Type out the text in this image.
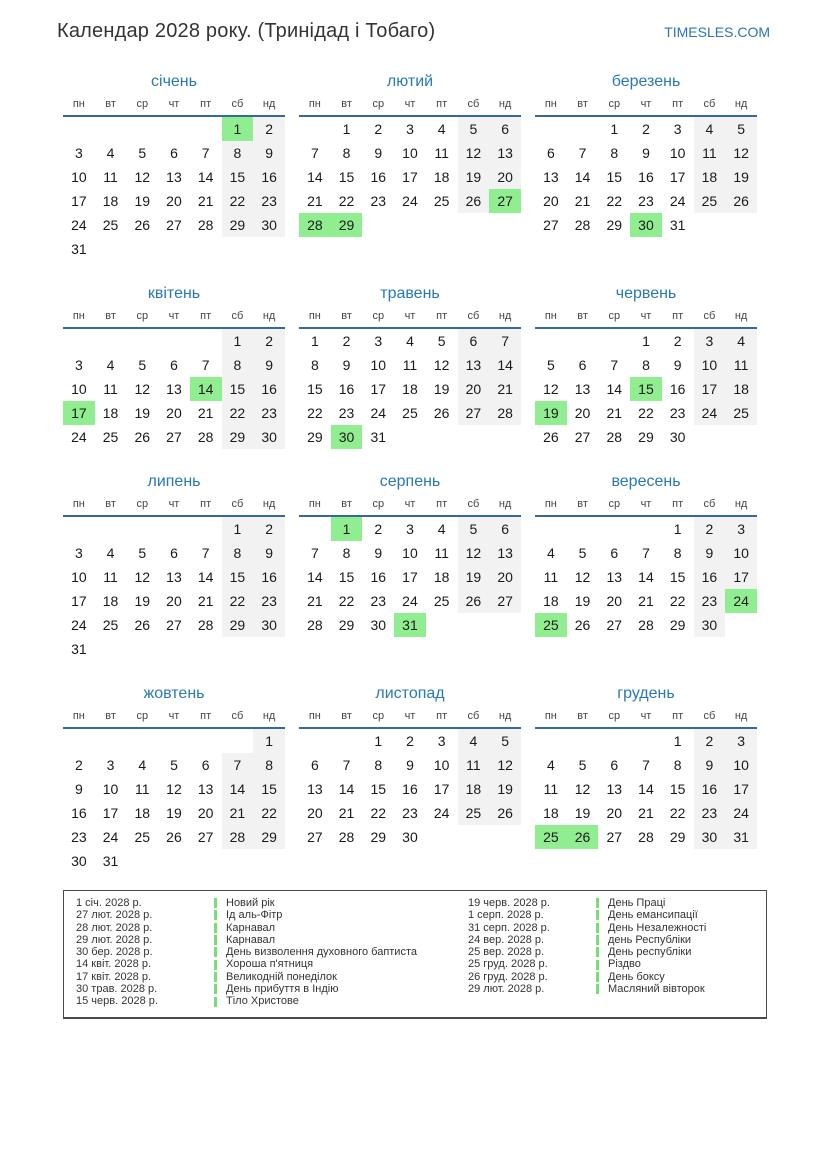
Календар 2028 року. (Тринідад і Тобаго)	TIMESLES.COM
січень
пн	вт	ср	чт	пт	сб	нд
					1	2
3	4	5	6	7	8	9
10	11	12	13	14	15	16
17	18	19	20	21	22	23
24	25	26	27	28	29	30
31						
лютий
пн	вт	ср	чт	пт	сб	нд
	1	2	3	4	5	6
7	8	9	10	11	12	13
14	15	16	17	18	19	20
21	22	23	24	25	26	27
28	29					
березень
пн	вт	ср	чт	пт	сб	нд
		1	2	3	4	5
6	7	8	9	10	11	12
13	14	15	16	17	18	19
20	21	22	23	24	25	26
27	28	29	30	31		
квітень
пн	вт	ср	чт	пт	сб	нд
					1	2
3	4	5	6	7	8	9
10	11	12	13	14	15	16
17	18	19	20	21	22	23
24	25	26	27	28	29	30
травень
пн	вт	ср	чт	пт	сб	нд
1	2	3	4	5	6	7
8	9	10	11	12	13	14
15	16	17	18	19	20	21
22	23	24	25	26	27	28
29	30	31				
червень
пн	вт	ср	чт	пт	сб	нд
			1	2	3	4
5	6	7	8	9	10	11
12	13	14	15	16	17	18
19	20	21	22	23	24	25
26	27	28	29	30		
липень
пн	вт	ср	чт	пт	сб	нд
					1	2
3	4	5	6	7	8	9
10	11	12	13	14	15	16
17	18	19	20	21	22	23
24	25	26	27	28	29	30
31						
серпень
пн	вт	ср	чт	пт	сб	нд
	1	2	3	4	5	6
7	8	9	10	11	12	13
14	15	16	17	18	19	20
21	22	23	24	25	26	27
28	29	30	31			
вересень
пн	вт	ср	чт	пт	сб	нд
				1	2	3
4	5	6	7	8	9	10
11	12	13	14	15	16	17
18	19	20	21	22	23	24
25	26	27	28	29	30	
жовтень
пн	вт	ср	чт	пт	сб	нд
						1
2	3	4	5	6	7	8
9	10	11	12	13	14	15
16	17	18	19	20	21	22
23	24	25	26	27	28	29
30	31					
листопад
пн	вт	ср	чт	пт	сб	нд
		1	2	3	4	5
6	7	8	9	10	11	12
13	14	15	16	17	18	19
20	21	22	23	24	25	26
27	28	29	30			
грудень
пн	вт	ср	чт	пт	сб	нд
				1	2	3
4	5	6	7	8	9	10
11	12	13	14	15	16	17
18	19	20	21	22	23	24
25	26	27	28	29	30	31
1 січ. 2028 р.	Новий рік
27 лют. 2028 р.	Ід аль-Фітр
28 лют. 2028 р.	Карнавал
29 лют. 2028 р.	Карнавал
30 бер. 2028 р.	День визволення духовного баптиста
14 квіт. 2028 р.	Хороша п'ятниця
17 квіт. 2028 р.	Великодній понеділок
30 трав. 2028 р.	День прибуття в Індію
15 черв. 2028 р.	Тіло Христове
19 черв. 2028 р.	День Праці
1 серп. 2028 р.	День емансипації
31 серп. 2028 р.	День Незалежності
24 вер. 2028 р.	день Республіки
25 вер. 2028 р.	День республіки
25 груд. 2028 р.	Різдво
26 груд. 2028 р.	День боксу
29 лют. 2028 р.	Масляний вівторок
